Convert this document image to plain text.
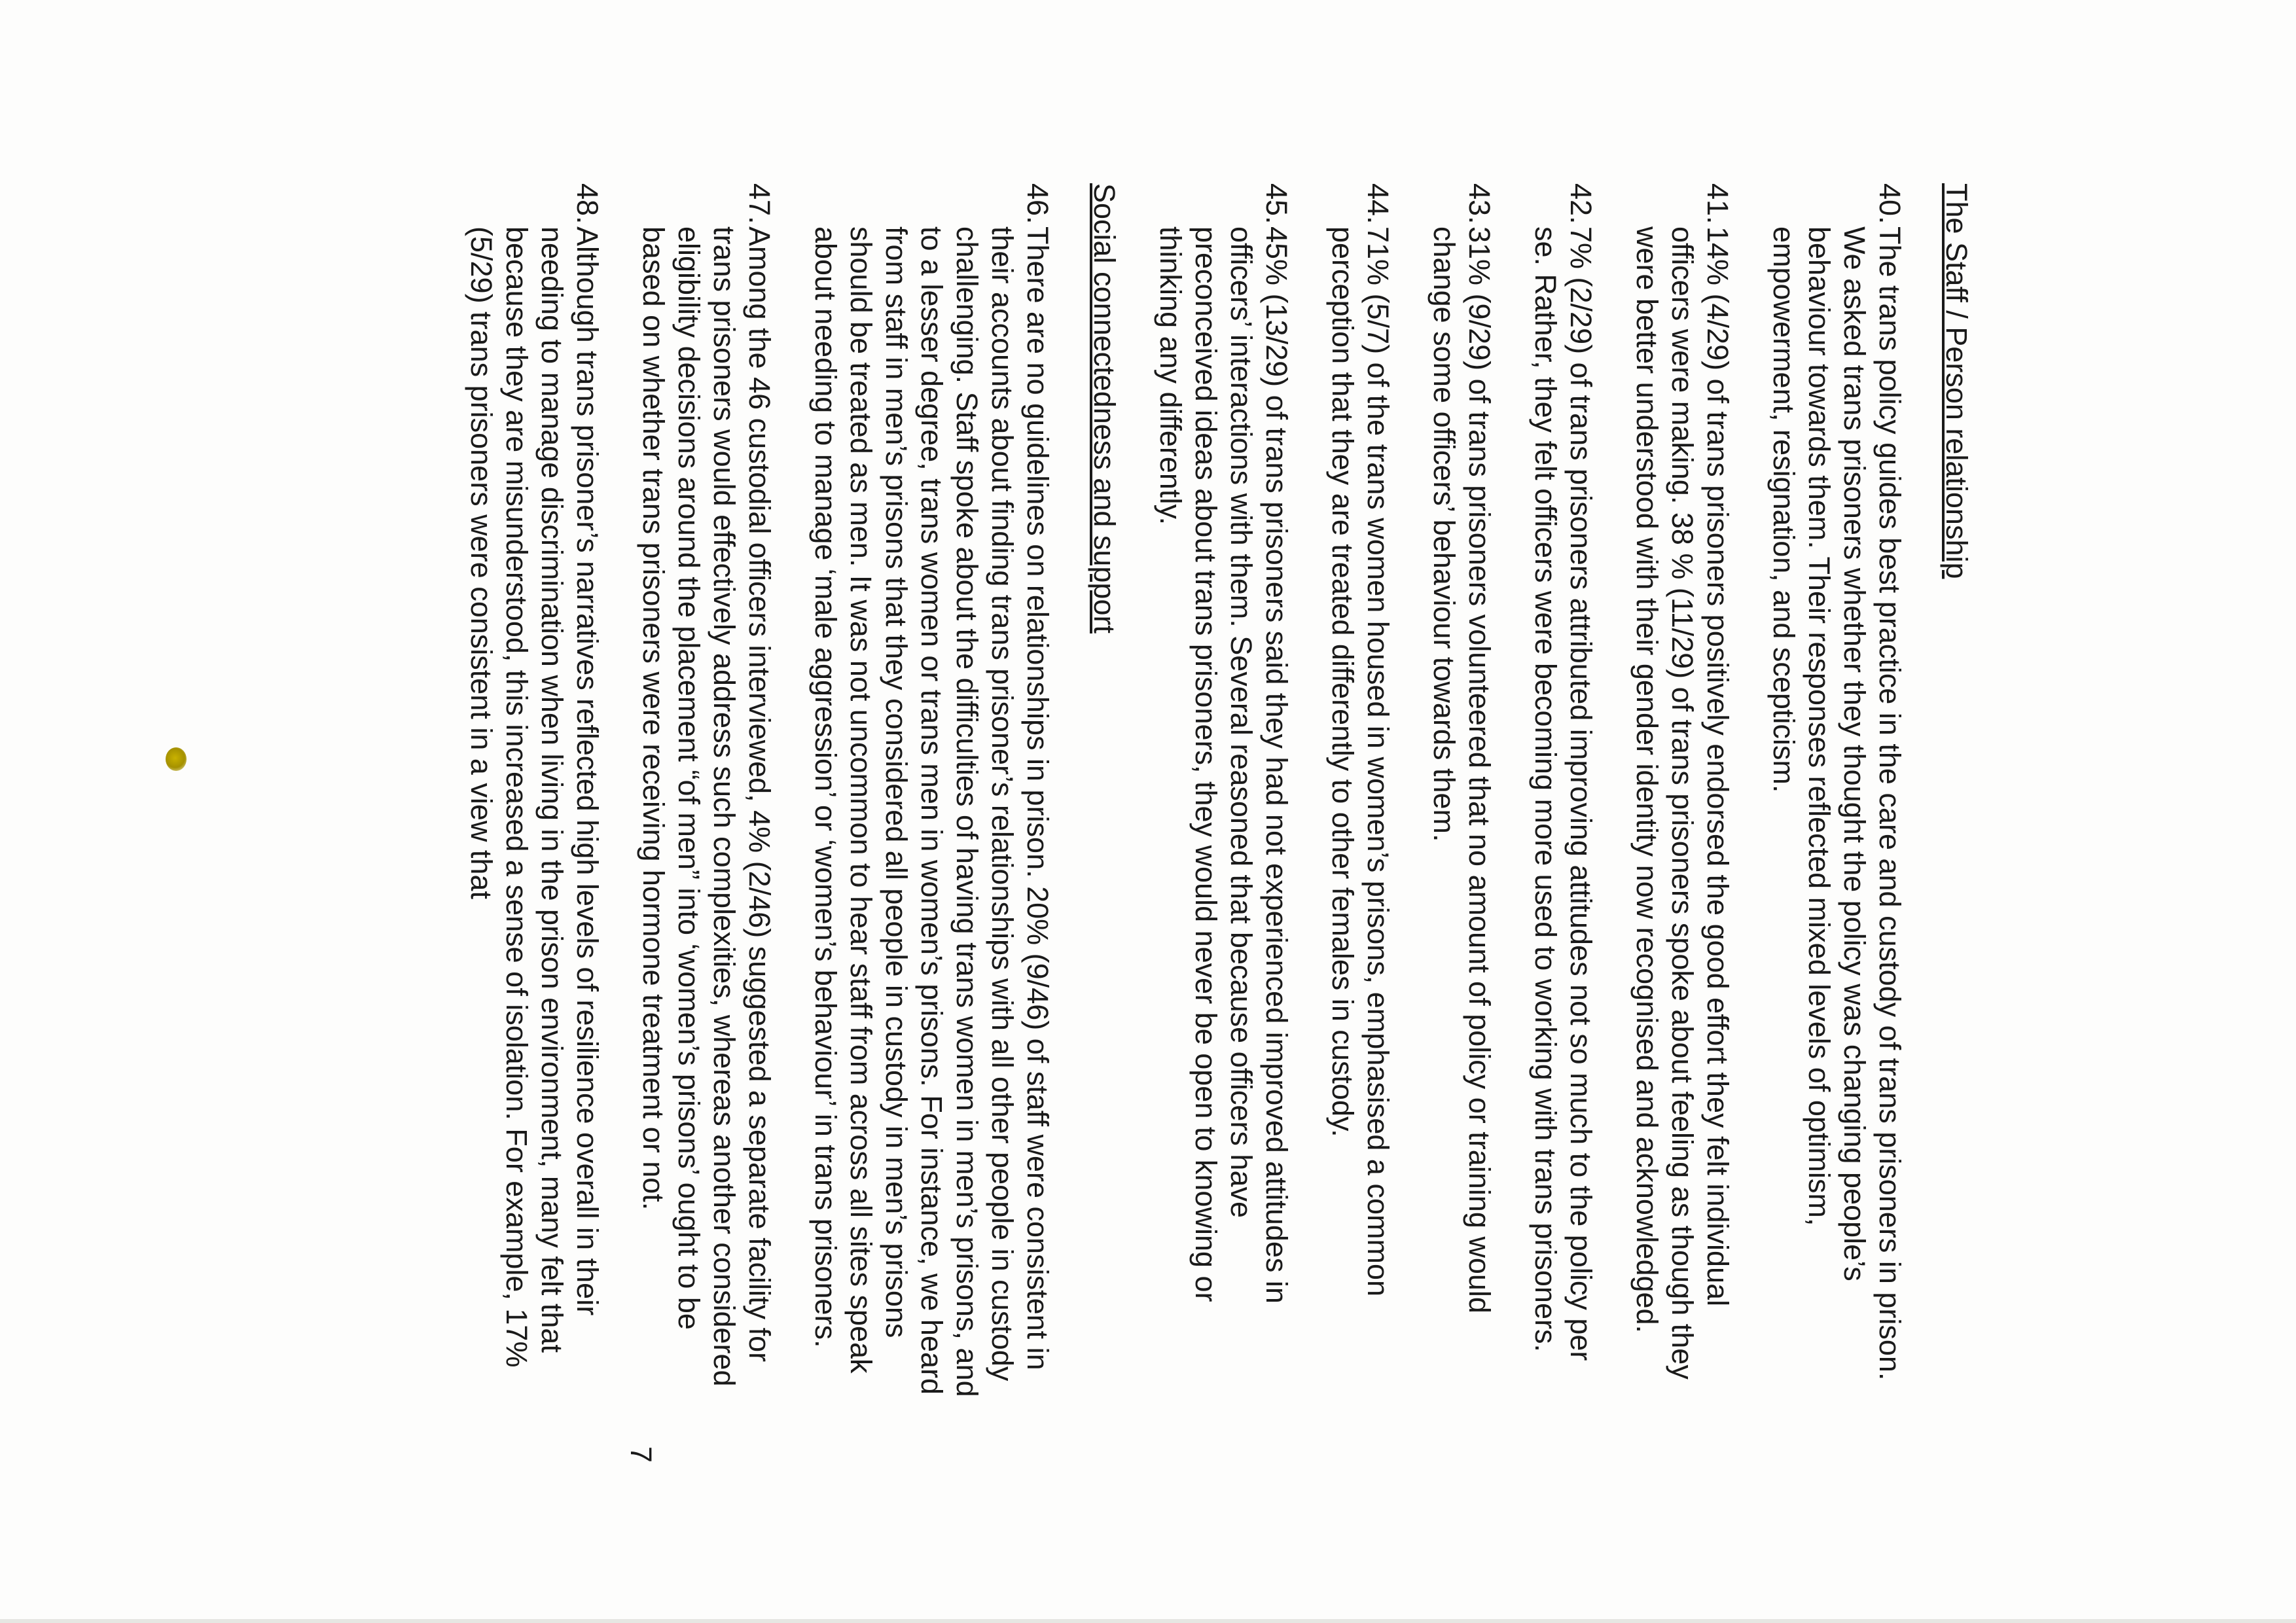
The Staff / Person relationship
40.
The trans policy guides best practice in the care and custody of trans prisoners in prison. We asked trans prisoners whether they thought the policy was changing people’s behaviour towards them. Their responses reflected mixed levels of optimism, empowerment, resignation, and scepticism.
41.
14% (4/29) of trans prisoners positively endorsed the good effort they felt individual officers were making. 38 % (11/29) of trans prisoners spoke about feeling as though they were better understood with their gender identity now recognised and acknowledged.
42.
7% (2/29) of trans prisoners attributed improving attitudes not so much to the policy per se. Rather, they felt officers were becoming more used to working with trans prisoners.
43.
31% (9/29) of trans prisoners volunteered that no amount of policy or training would change some officers’ behaviour towards them.
44.
71% (5/7) of the trans women housed in women’s prisons, emphasised a common perception that they are treated differently to other females in custody.
45.
45% (13/29) of trans prisoners said they had not experienced improved attitudes in officers’ interactions with them. Several reasoned that because officers have preconceived ideas about trans prisoners, they would never be open to knowing or thinking any differently.
Social connectedness and support
46.
There are no guidelines on relationships in prison. 20% (9/46) of staff were consistent in their accounts about finding trans prisoner’s relationships with all other people in custody challenging. Staff spoke about the difficulties of having trans women in men’s prisons, and to a lesser degree, trans women or trans men in women’s prisons. For instance, we heard from staff in men’s prisons that they considered all people in custody in men’s prisons should be treated as men. It was not uncommon to hear staff from across all sites speak about needing to manage ‘male aggression’ or ‘women’s behaviour’ in trans prisoners.
47.
Among the 46 custodial officers interviewed, 4% (2/46) suggested a separate facility for trans prisoners would effectively address such complexities, whereas another considered eligibility decisions around the placement “of men” into ‘women’s prisons’ ought to be based on whether trans prisoners were receiving hormone treatment or not.
48.
Although trans prisoner’s narratives reflected high levels of resilience overall in their needing to manage discrimination when living in the prison environment, many felt that because they are misunderstood, this increased a sense of isolation. For example, 17% (5/29) trans prisoners were consistent in a view that
7
